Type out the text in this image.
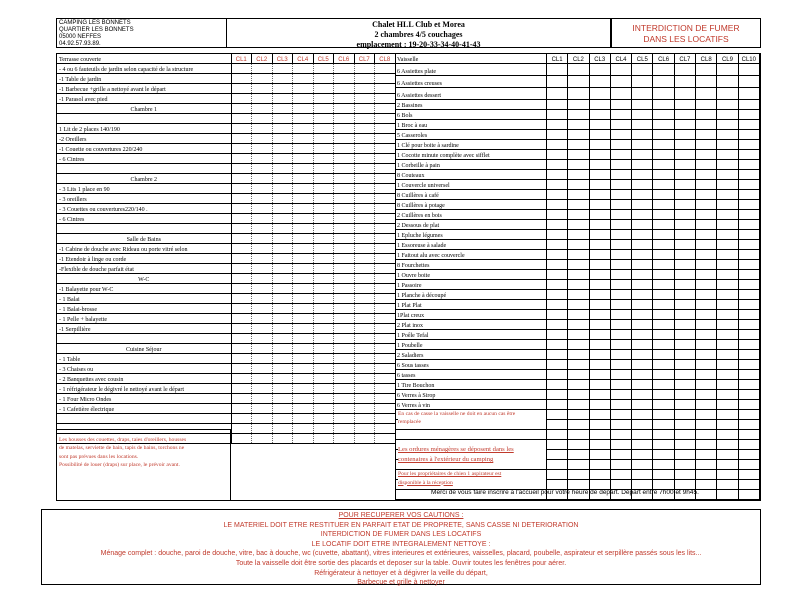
CAMPING LES BONNETS
QUARTIER LES BONNETS
05000 NEFFES
04.92.57.93.89.
Chalet HLL Club et Morea
2 chambres 4/5 couchages
emplacement : 19-20-33-34-40-41-43
INTERDICTION DE FUMER
DANS LES LOCATIFS
Terrasse couverte	CL1	CL2	CL3	CL4	CL5	CL6	CL7	CL8
- 4 ou 6 fauteuils de jardin selon capacité de la structure								
-1 Table de jardin								
-1 Barbecue +grille a nettoyé avant le départ								
-1 Parasol avec pied								
Chambre 1								

1 Lit de 2 places 140/190								
-2 Oreillers								
-1 Couette ou couvertures 220/240								
- 6 Cintres								

Chambre 2								
- 3 Lits 1 place en 90								
- 3 oreillers								
- 3 Couettes ou couvertures220/140 .								
- 6 Cintres								

Salle de Bains								
-1 Cabine de douche avec Rideau ou porte vitré selon								
-1 Etendoir à linge ou corde								
-Flexible de douche parfait état								
W-C								
-1 Balayette pour W-C								
- 1 Balai								
- 1 Balai-brosse								
- 1 Pelle + balayette								
-1 Serpillière								

Cuisine Séjour								
- 1 Table								
- 3 Chaises ou								
- 2 Banquettes avec cousin								
- 1 réfrigérateur le dégivré le nettoyé avant le départ								
- 1 Four Micro Ondes								
- 1 Cafetière électrique								

Les housses des couettes, draps, taies d'oreillers, housses
de matelas, serviette de bain, tapis de bains, torchons ne
sont pas prévues dans les locations.
Possibilité de louer (draps) sur place, le prévoir avant.
Vaisselle	CL1	CL2	CL3	CL4	CL5	CL6	CL7	CL8	CL9	CL10
6 Assiettes plate										
6 Assiettes creuses										
6 Assiettes dessert										
2 Bassines										
6 Bols										
1 Broc à eau										
5 Casseroles										
1 Clé pour boite à sardine										
1 Cocotte minute complète avec sifflet										
1 Corbeille à pain										
8 Couteaux										
1 Couvercle universel										
8 Cuillères à café										
8 Cuillères à potage										
2 Cuillères en bois										
2 Dessous de plat										
1 Epluche légumes										
1 Essoreuse à salade										
1 Faitout alu avec couvercle										
8 Fourchettes										
1 Ouvre boite										
1 Passoire										
1 Planche à découpé										
1 Plat Plat										
1Plat creux										
2 Plat inox										
1 Poêle Tefal										
1 Poubelle										
2 Saladiers										
6 Sous tasses										
6 tasses										
1 Tire Bouchon										
6 Verres à Sirop										
6 Verres à vin										

En cas de casse la vaisselle ne doit en aucun cas être
remplacée
Les ordures ménagères se déposent dans les
contenaires à l'extérieur du camping
Pour les propriétaires de chien 1 aspirateur est
disponible à la réception
Merci de vous faire inscrire a l'accueil pour votre heure de départ. Départ entre 7h00 et 9h45.
POUR RECUPERER VOS CAUTIONS :
LE MATERIEL DOIT ETRE RESTITUER EN PARFAIT ETAT DE PROPRETE, SANS CASSE NI DETERIORATION
INTERDICTION DE FUMER DANS LES LOCATIFS
LE LOCATIF DOIT ETRE INTEGRALEMENT NETTOYE :
Ménage complet : douche, paroi de douche, vitre, bac à douche, wc (cuvette, abattant), vitres interieures et extérieures, vaisselles, placard, poubelle, aspirateur et serpillère passés sous les lits...
Toute la vaisselle doit être sortie des placards et deposer sur la table. Ouvrir toutes les fenêtres pour aérer.
Réfrigérateur à nettoyer et à dégivrer la veille du départ,
Barbecue et grille à nettoyer
